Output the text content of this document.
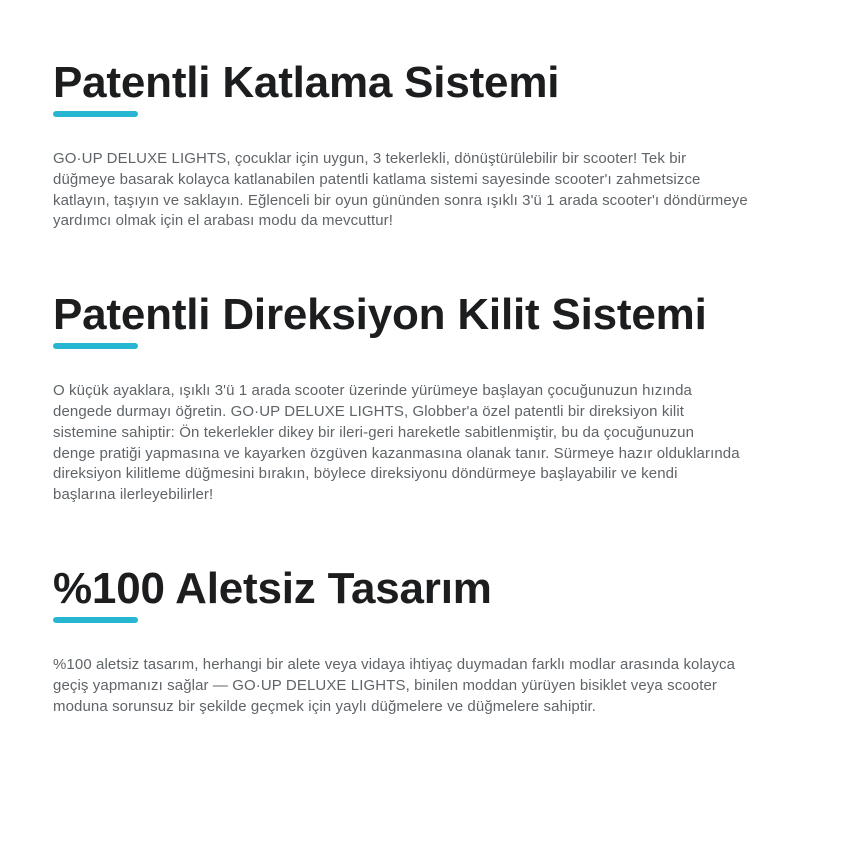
Patentli Katlama Sistemi
GO·UP DELUXE LIGHTS, çocuklar için uygun, 3 tekerlekli, dönüştürülebilir bir scooter! Tek bir
düğmeye basarak kolayca katlanabilen patentli katlama sistemi sayesinde scooter'ı zahmetsizce
katlayın, taşıyın ve saklayın. Eğlenceli bir oyun gününden sonra ışıklı 3'ü 1 arada scooter'ı döndürmeye
yardımcı olmak için el arabası modu da mevcuttur!
Patentli Direksiyon Kilit Sistemi
O küçük ayaklara, ışıklı 3'ü 1 arada scooter üzerinde yürümeye başlayan çocuğunuzun hızında
dengede durmayı öğretin. GO·UP DELUXE LIGHTS, Globber'a özel patentli bir direksiyon kilit
sistemine sahiptir: Ön tekerlekler dikey bir ileri-geri hareketle sabitlenmiştir, bu da çocuğunuzun
denge pratiği yapmasına ve kayarken özgüven kazanmasına olanak tanır. Sürmeye hazır olduklarında
direksiyon kilitleme düğmesini bırakın, böylece direksiyonu döndürmeye başlayabilir ve kendi
başlarına ilerleyebilirler!
%100 Aletsiz Tasarım
%100 aletsiz tasarım, herhangi bir alete veya vidaya ihtiyaç duymadan farklı modlar arasında kolayca
geçiş yapmanızı sağlar — GO·UP DELUXE LIGHTS, binilen moddan yürüyen bisiklet veya scooter
moduna sorunsuz bir şekilde geçmek için yaylı düğmelere ve düğmelere sahiptir.
